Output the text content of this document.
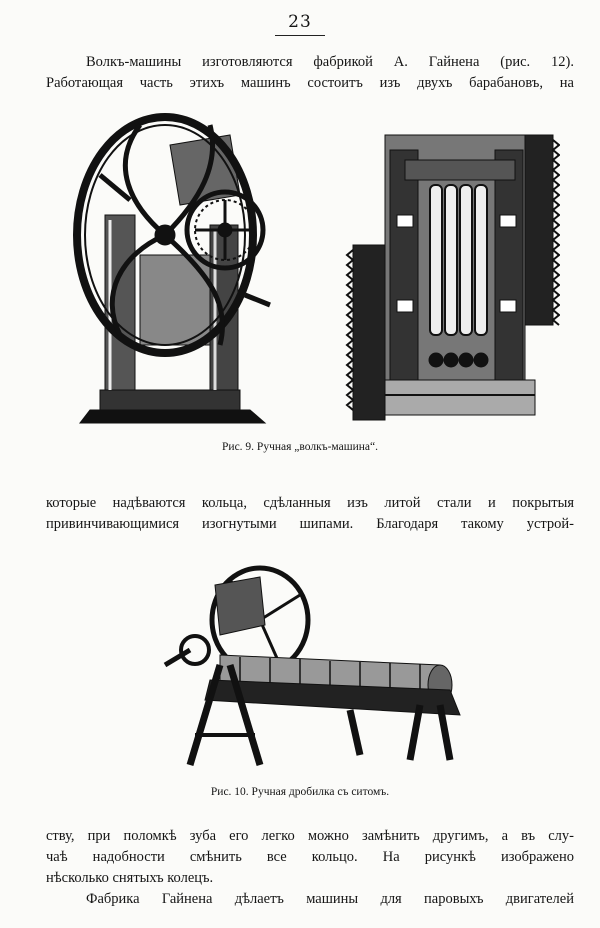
23
Волкъ-машины изготовляются фабрикой А. Гайнена (рис. 12).
Работающая часть этихъ машинъ состоитъ изъ двухъ барабановъ, на
Рис. 9. Ручная „волкъ-машина“.
которые надѣваются кольца, сдѣланныя изъ литой стали и покрытыя
привинчивающимися изогнутыми шипами. Благодаря такому устрой-
Рис. 10. Ручная дробилка съ ситомъ.
ству, при поломкѣ зуба его легко можно замѣнить другимъ, а въ слу-
чаѣ надобности смѣнить все кольцо. На рисункѣ изображено
нѣсколько снятыхъ колецъ.
Фабрика Гайнена дѣлаетъ машины для паровыхъ двигателей
